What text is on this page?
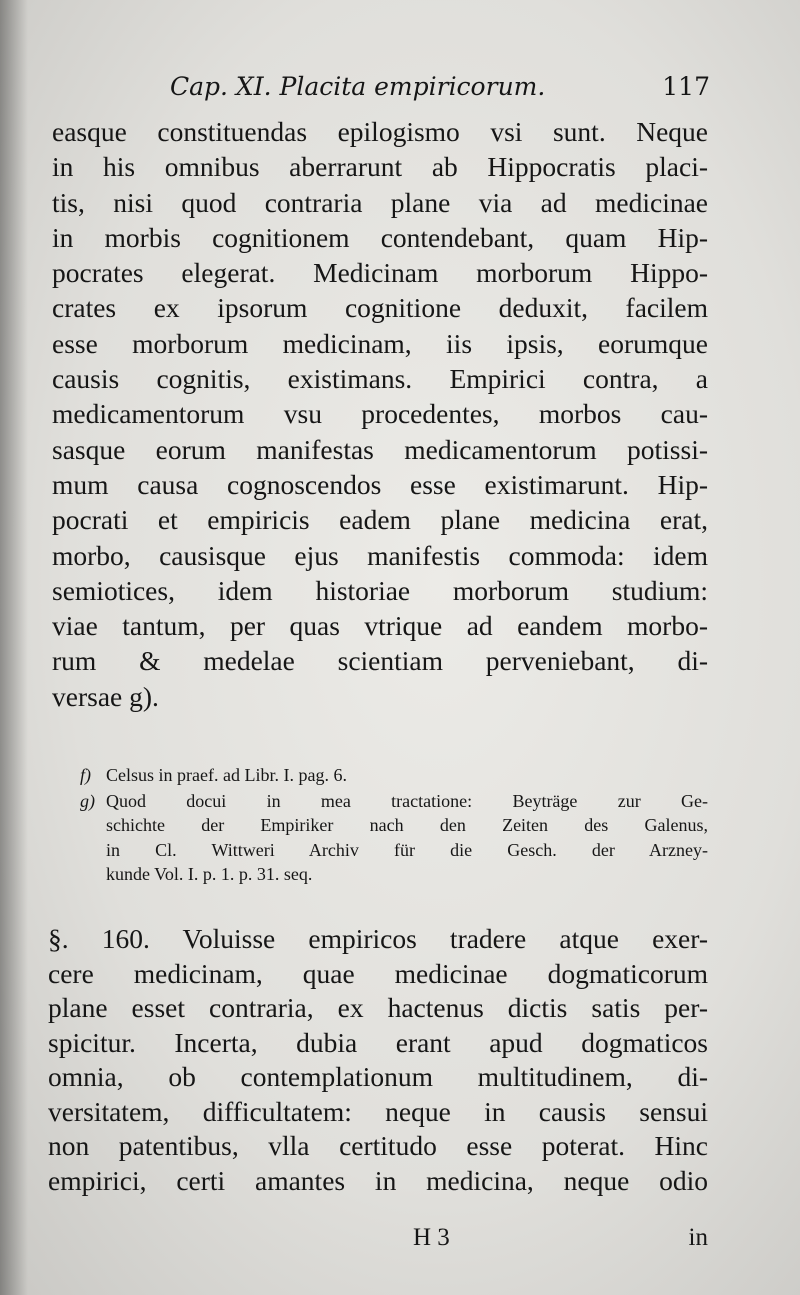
Cap. XI. Placita empiricorum.	117
easque constituendas epilogismo vsi sunt. Neque
in his omnibus aberrarunt ab Hippocratis placi-
tis, nisi quod contraria plane via ad medicinae
in morbis cognitionem contendebant, quam Hip-
pocrates elegerat. Medicinam morborum Hippo-
crates ex ipsorum cognitione deduxit, facilem
esse morborum medicinam, iis ipsis, eorumque
causis cognitis, existimans. Empirici contra, a
medicamentorum vsu procedentes, morbos cau-
sasque eorum manifestas medicamentorum potissi-
mum causa cognoscendos esse existimarunt. Hip-
pocrati et empiricis eadem plane medicina erat,
morbo, causisque ejus manifestis commoda: idem
semiotices, idem historiae morborum studium:
viae tantum, per quas vtrique ad eandem morbo-
rum & medelae scientiam perveniebant, di-
versae g).
f) Celsus in praef. ad Libr. I. pag. 6.
g) Quod docui in mea tractatione: Beyträge zur Ge-
schichte der Empiriker nach den Zeiten des Galenus,
in Cl. Wittweri Archiv für die Gesch. der Arzney-
kunde Vol. I. p. 1. p. 31. seq.
§. 160. Voluisse empiricos tradere atque exer-
cere medicinam, quae medicinae dogmaticorum
plane esset contraria, ex hactenus dictis satis per-
spicitur. Incerta, dubia erant apud dogmaticos
omnia, ob contemplationum multitudinem, di-
versitatem, difficultatem: neque in causis sensui
non patentibus, vlla certitudo esse poterat. Hinc
empirici, certi amantes in medicina, neque odio
H 3	in
